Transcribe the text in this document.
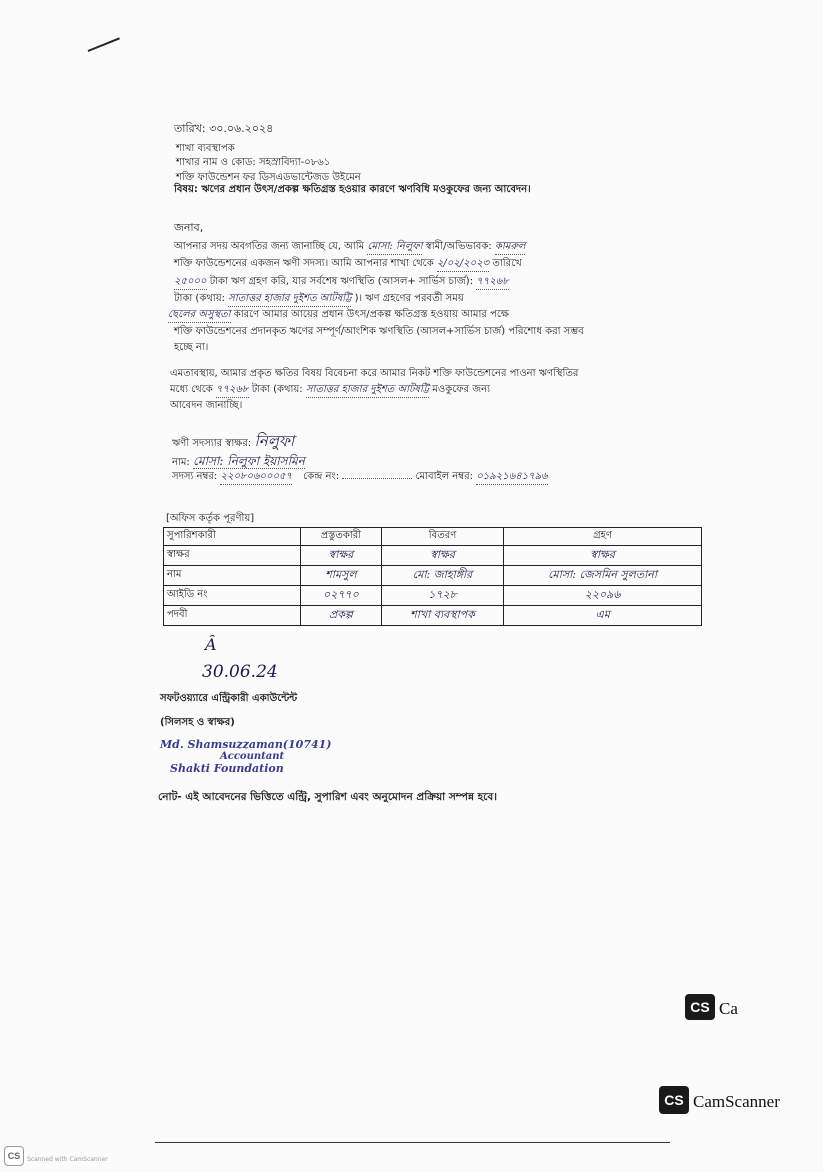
তারিখ: ৩০.০৬.২০২৪
শাখা ব্যবস্থাপক
শাখার নাম ও কোড: সহস্রাবিদ্যা-০৮৬১
শক্তি ফাউন্ডেশন ফর ডিসএডভান্টেজড উইমেন
বিষয়: ঋণের প্রধান উৎস/প্রকল্প ক্ষতিগ্রস্ত হওয়ার কারণে ঋণবিধি মওকুফের জন্য আবেদন।
জনাব,
আপনার সদয় অবগতির জন্য জানাচ্ছি যে, আমি মোসা: নিলুফা স্বামী/অভিভাবক: কামরুল
শক্তি ফাউন্ডেশনের একজন ঋণী সদস্য। আমি আপনার শাখা থেকে ২/০২/২০২৩ তারিখে
২৫০০০ টাকা ঋণ গ্রহণ করি, যার সর্বশেষ ঋণস্থিতি (আসল+ সার্ভিস চার্জ): ৭৭২৬৮
টাকা (কথায়: সাতাত্তর হাজার দুইশত আটষট্টি )। ঋণ গ্রহণের পরবর্তী সময়
ছেলের অসুস্থতা কারণে আমার আয়ের প্রধান উৎস/প্রকল্প ক্ষতিগ্রস্ত হওয়ায় আমার পক্ষে
শক্তি ফাউন্ডেশনের প্রদানকৃত ঋণের সম্পূর্ণ/আংশিক ঋণস্থিতি (আসল+সার্ভিস চার্জ) পরিশোধ করা সম্ভব
হচ্ছে না।
এমতাবস্থায়, আমার প্রকৃত ক্ষতির বিষয় বিবেচনা করে আমার নিকট শক্তি ফাউন্ডেশনের পাওনা ঋণস্থিতির
মধ্যে থেকে ৭৭২৬৮ টাকা (কথায়: সাতাত্তর হাজার দুইশত আটষট্টি মওকুফের জন্য
আবেদন জানাচ্ছি।
ঋণী সদস্যার স্বাক্ষর: নিলুফা
নাম: মোসা: নিলুফা ইয়াসমিন
সদস্য নম্বর: ২২০৮০৬০০০৫৭ কেন্দ্র নং:	মোবাইল নম্বর: ০১৯২১৬৪১৭৯৬
[অফিস কর্তৃক পূরণীয়]
সুপারিশকারী	প্রস্তুতকারী	বিতরণ	গ্রহণ
স্বাক্ষর	স্বাক্ষর	স্বাক্ষর	স্বাক্ষর
নাম	শামসুল	মো: জাহাঙ্গীর	মোসা: জেসমিন সুলতানা
আইডি নং	০২৭৭০	১৭২৮	২২০৯৬
পদবী	প্রকল্প	শাখা ব্যবস্থাপক	এম
Ȃ
30.06.24
সফটওয়্যারে এন্ট্রিকারী একাউন্টেন্ট
(সিলসহ ও স্বাক্ষর)
Md. Shamsuzzaman(10741)
Accountant
Shakti Foundation
নোট- এই আবেদনের ভিত্তিতে এন্ট্রি, সুপারিশ এবং অনুমোদন প্রক্রিয়া সম্পন্ন হবে।
CS Ca
CS CamScanner
CS	Scanned with CamScanner
